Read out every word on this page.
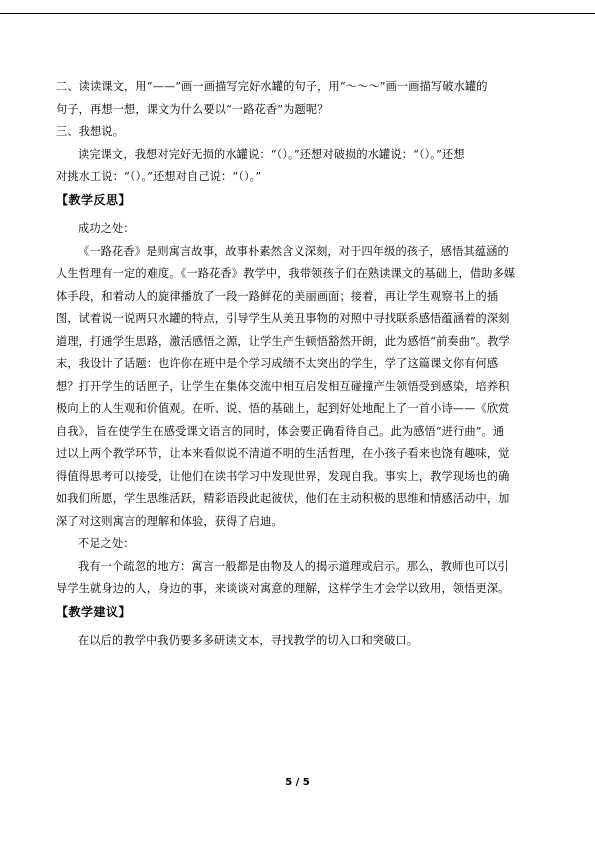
二、读读课文，用“——”画一画描写完好水罐的句子，用“～～～”画一画描写破水罐的
句子，再想一想，课文为什么要以“一路花香”为题呢？
三、我想说。
读完课文，我想对完好无损的水罐说：“（）。”还想对破损的水罐说：“（）。”还想
对挑水工说：“（）。”还想对自己说：“（）。”
【教学反思】
成功之处：
《一路花香》是则寓言故事，故事朴素然含义深刻，对于四年级的孩子，感悟其蕴涵的
人生哲理有一定的难度。《一路花香》教学中，我带领孩子们在熟读课文的基础上，借助多媒
体手段，和着动人的旋律播放了一段一路鲜花的美丽画面；接着，再让学生观察书上的插
图，试着说一说两只水罐的特点，引导学生从美丑事物的对照中寻找联系感悟蕴涵着的深刻
道理，打通学生思路，激活感悟之源，让学生产生顿悟豁然开朗，此为感悟“前奏曲”。教学
末，我设计了话题：也许你在班中是个学习成绩不太突出的学生，学了这篇课文你有何感
想？打开学生的话匣子，让学生在集体交流中相互启发相互碰撞产生领悟受到感染，培养积
极向上的人生观和价值观。在听、说、悟的基础上，起到好处地配上了一首小诗——《欣赏
自我》，旨在使学生在感受课文语言的同时，体会要正确看待自己。此为感悟“进行曲”。通
过以上两个教学环节，让本来看似说不清道不明的生活哲理，在小孩子看来也饶有趣味，觉
得值得思考可以接受，让他们在读书学习中发现世界，发现自我。事实上，教学现场也的确
如我们所愿，学生思维活跃，精彩语段此起彼伏，他们在主动积极的思维和情感活动中，加
深了对这则寓言的理解和体验，获得了启迪。
不足之处：
我有一个疏忽的地方：寓言一般都是由物及人的揭示道理或启示。那么，教师也可以引
导学生就身边的人，身边的事，来谈谈对寓意的理解，这样学生才会学以致用，领悟更深。
【教学建议】
在以后的教学中我仍要多多研读文本，寻找教学的切入口和突破口。
5 / 5
